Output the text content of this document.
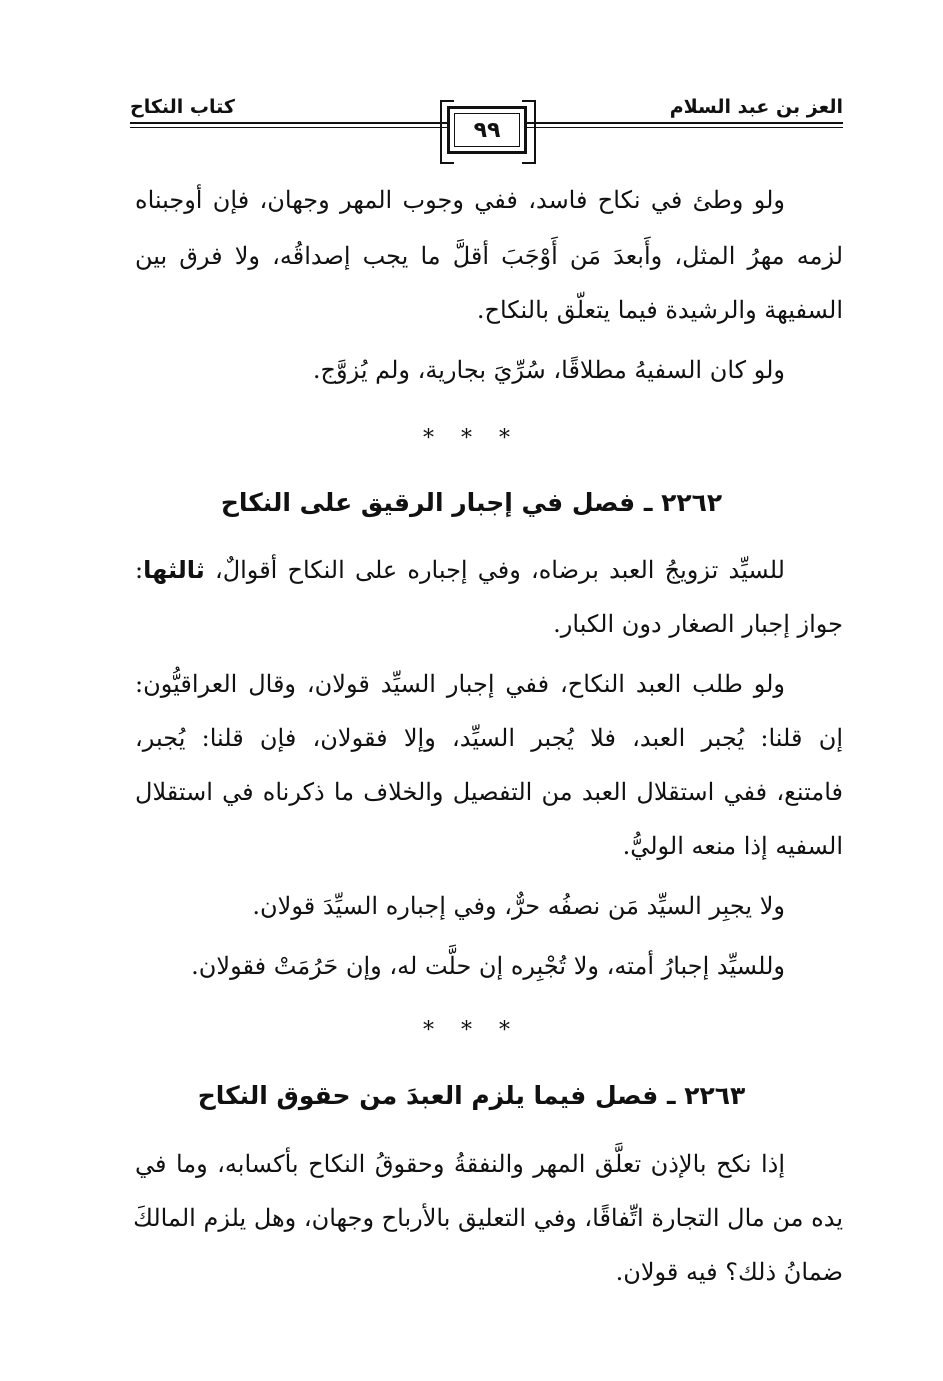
العز بن عبد السلام
كتاب النكاح
٩٩
ولو وطئ في نكاح فاسد، ففي وجوب المهر وجهان، فإن أوجبناه
لزمه مهرُ المثل، وأَبعدَ مَن أَوْجَبَ أقلَّ ما يجب إصداقُه، ولا فرق بين
السفيهة والرشيدة فيما يتعلّق بالنكاح.
ولو كان السفيهُ مطلاقًا، سُرِّيَ بجارية، ولم يُزوَّج.
* * *
٢٢٦٢ ـ فصل في إجبار الرقيق على النكاح
للسيِّد تزويجُ العبد برضاه، وفي إجباره على النكاح أقوالٌ، ثالثها:
جواز إجبار الصغار دون الكبار.
ولو طلب العبد النكاح، ففي إجبار السيِّد قولان، وقال العراقيُّون:
إن قلنا: يُجبر العبد، فلا يُجبر السيِّد، وإلا فقولان، فإن قلنا: يُجبر،
فامتنع، ففي استقلال العبد من التفصيل والخلاف ما ذكرناه في استقلال
السفيه إذا منعه الوليُّ.
ولا يجبِر السيِّد مَن نصفُه حرٌّ، وفي إجباره السيِّدَ قولان.
وللسيِّد إجبارُ أمته، ولا تُجْبِره إن حلَّت له، وإن حَرُمَتْ فقولان.
* * *
٢٢٦٣ ـ فصل فيما يلزم العبدَ من حقوق النكاح
إذا نكح بالإذن تعلَّق المهر والنفقةُ وحقوقُ النكاح بأكسابه، وما في
يده من مال التجارة اتِّفاقًا، وفي التعليق بالأرباح وجهان، وهل يلزم المالكَ
ضمانُ ذلك؟ فيه قولان.
